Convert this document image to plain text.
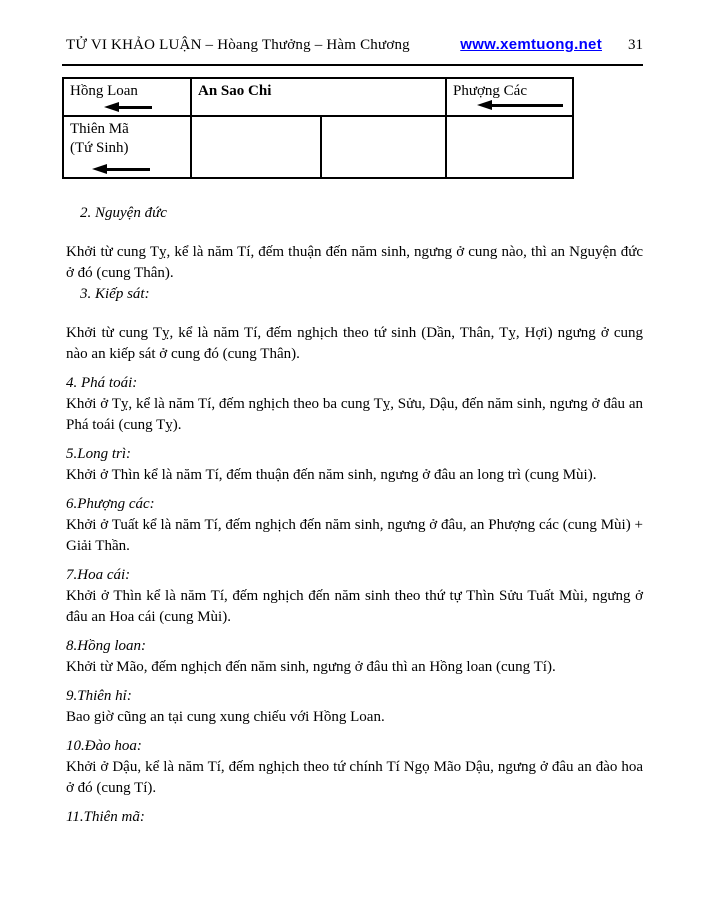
TỬ VI KHẢO LUẬN – Hòang Thưởng – Hàm Chương	www.xemtuong.net 31
Hồng Loan	An Sao Chi		Phượng Các

Thiên Mã
(Tứ Sinh)			

2. Nguyện đức

Khởi từ cung Tỵ, kể là năm Tí, đếm thuận đến năm sinh, ngưng ở cung nào, thì an Nguyện đức ở đó (cung Thân).

3. Kiếp sát:

Khởi từ cung Tỵ, kể là năm Tí, đếm nghịch theo tứ sinh (Dần, Thân, Tỵ, Hợi) ngưng ở cung nào an kiếp sát ở cung đó (cung Thân).

4. Phá toái:

Khởi ở Tỵ, kể là năm Tí, đếm nghịch theo ba cung Tỵ, Sửu, Dậu, đến năm sinh, ngưng ở đâu an Phá toái (cung Tỵ).

5.Long trì:

Khởi ở Thìn kể là năm Tí, đếm thuận đến năm sinh, ngưng ở đâu an long trì (cung Mùi).

6.Phượng các:

Khởi ở Tuất kể là năm Tí, đếm nghịch đến năm sinh, ngưng ở đâu, an Phượng các (cung Mùi) + Giải Thần.

7.Hoa cái:

Khởi ở Thìn kể là năm Tí, đếm nghịch đến năm sinh theo thứ tự Thìn Sửu Tuất Mùi, ngưng ở đâu an Hoa cái (cung Mùi).

8.Hồng loan:

Khởi từ Mão, đếm nghịch đến năm sinh, ngưng ở đâu thì an Hồng loan (cung Tí).

9.Thiên hỉ:

Bao giờ cũng an tại cung xung chiếu với Hồng Loan.

10.Đào hoa:

Khởi ở Dậu, kể là năm Tí, đếm nghịch theo tứ chính Tí Ngọ Mão Dậu, ngưng ở đâu an đào hoa ở đó (cung Tí).

11.Thiên mã:
